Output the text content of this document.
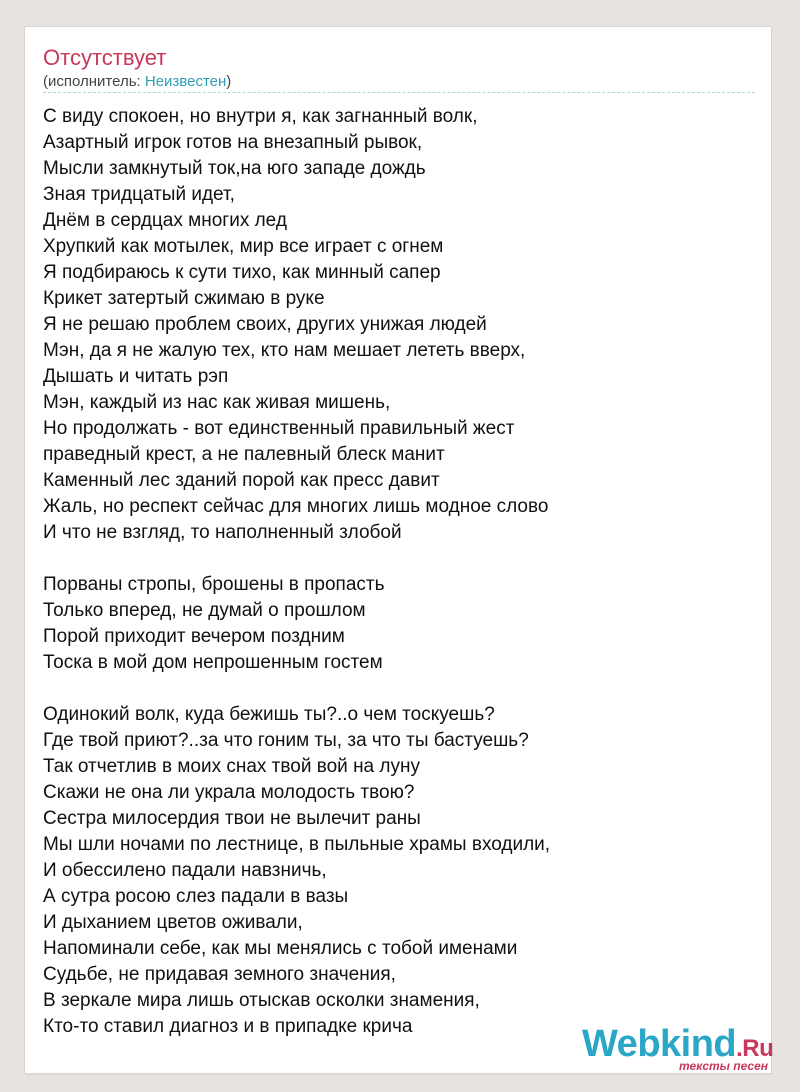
Отсутствует
(исполнитель: Неизвестен)
С виду спокоен, но внутри я, как загнанный волк,
Азартный игрок готов на внезапный рывок,
Мысли замкнутый ток,на юго западе дождь
Зная тридцатый идет,
Днём в сердцах многих лед
Хрупкий как мотылек, мир все играет с огнем
Я подбираюсь к сути тихо, как минный сапер
Крикет затертый сжимаю в руке
Я не решаю проблем своих, других унижая людей
Мэн, да я не жалую тех, кто нам мешает лететь вверх,
Дышать и читать рэп
Мэн, каждый из нас как живая мишень,
Но продолжать - вот единственный правильный жест
праведный крест, а не палевный блеск манит
Каменный лес зданий порой как пресс давит
Жаль, но респект сейчас для многих лишь модное слово
И что не взгляд, то наполненный злобой
Порваны стропы, брошены в пропасть
Только вперед, не думай о прошлом
Порой приходит вечером поздним
Тоска в мой дом непрошенным гостем
Одинокий волк, куда бежишь ты?..о чем тоскуешь?
Где твой приют?..за что гоним ты, за что ты бастуешь?
Так отчетлив в моих снах твой вой на луну
Скажи не она ли украла молодость твою?
Сестра милосердия твои не вылечит раны
Мы шли ночами по лестнице, в пыльные храмы входили,
И обессилено падали навзничь,
А сутра росою слез падали в вазы
И дыханием цветов оживали,
Напоминали себе, как мы менялись с тобой именами
Судьбе, не придавая земного значения,
В зеркале мира лишь отыскав осколки знамения,
Кто-то ставил диагноз и в припадке крича	Webkind.Ru
тексты песен
